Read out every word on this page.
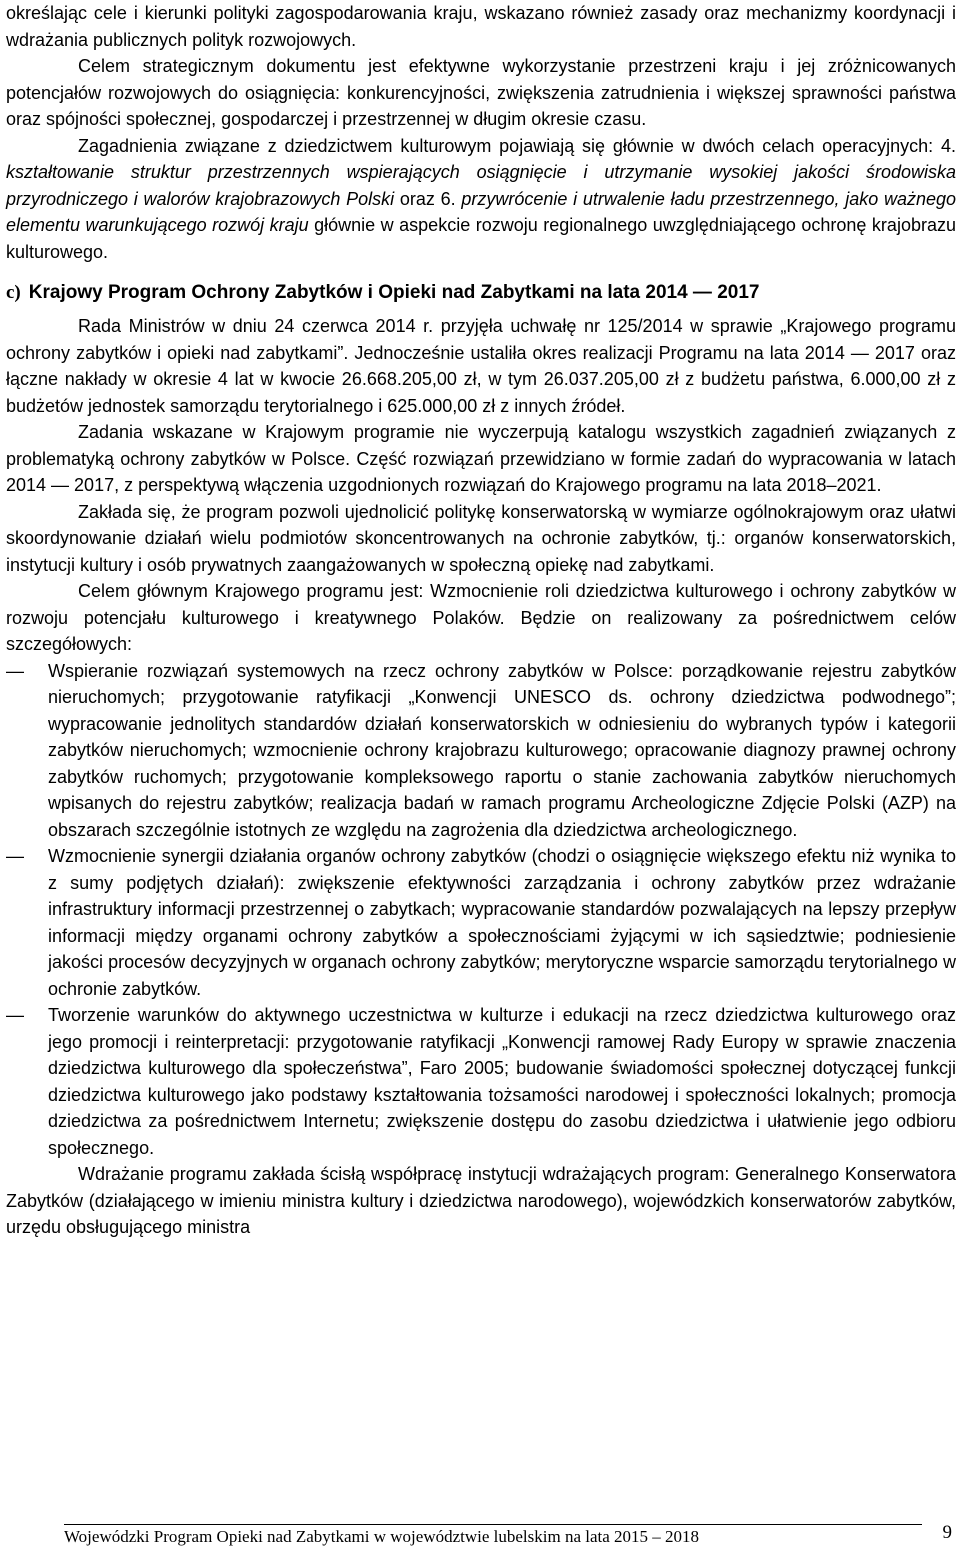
określając cele i kierunki polityki zagospodarowania kraju, wskazano również zasady oraz mechanizmy koordynacji i wdrażania publicznych polityk rozwojowych.

Celem strategicznym dokumentu jest efektywne wykorzystanie przestrzeni kraju i jej zróżnicowanych potencjałów rozwojowych do osiągnięcia: konkurencyjności, zwiększenia zatrudnienia i większej sprawności państwa oraz spójności społecznej, gospodarczej i przestrzennej w długim okresie czasu.

Zagadnienia związane z dziedzictwem kulturowym pojawiają się głównie w dwóch celach operacyjnych: 4. kształtowanie struktur przestrzennych wspierających osiągnięcie i utrzymanie wysokiej jakości środowiska przyrodniczego i walorów krajobrazowych Polski oraz 6. przywrócenie i utrwalenie ładu przestrzennego, jako ważnego elementu warunkującego rozwój kraju głównie w aspekcie rozwoju regionalnego uwzględniającego ochronę krajobrazu kulturowego.

c) Krajowy Program Ochrony Zabytków i Opieki nad Zabytkami na lata 2014 — 2017

Rada Ministrów w dniu 24 czerwca 2014 r. przyjęła uchwałę nr 125/2014 w sprawie „Krajowego programu ochrony zabytków i opieki nad zabytkami”. Jednocześnie ustaliła okres realizacji Programu na lata 2014 — 2017 oraz łączne nakłady w okresie 4 lat w kwocie 26.668.205,00 zł, w tym 26.037.205,00 zł z budżetu państwa, 6.000,00 zł z budżetów jednostek samorządu terytorialnego i 625.000,00 zł z innych źródeł.

Zadania wskazane w Krajowym programie nie wyczerpują katalogu wszystkich zagadnień związanych z problematyką ochrony zabytków w Polsce. Część rozwiązań przewidziano w formie zadań do wypracowania w latach 2014 — 2017, z perspektywą włączenia uzgodnionych rozwiązań do Krajowego programu na lata 2018–2021.

Zakłada się, że program pozwoli ujednolicić politykę konserwatorską w wymiarze ogólnokrajowym oraz ułatwi skoordynowanie działań wielu podmiotów skoncentrowanych na ochronie zabytków, tj.: organów konserwatorskich, instytucji kultury i osób prywatnych zaangażowanych w społeczną opiekę nad zabytkami.

Celem głównym Krajowego programu jest: Wzmocnienie roli dziedzictwa kulturowego i ochrony zabytków w rozwoju potencjału kulturowego i kreatywnego Polaków. Będzie on realizowany za pośrednictwem celów szczegółowych:

— Wspieranie rozwiązań systemowych na rzecz ochrony zabytków w Polsce: porządkowanie rejestru zabytków nieruchomych; przygotowanie ratyfikacji „Konwencji UNESCO ds. ochrony dziedzictwa podwodnego”; wypracowanie jednolitych standardów działań konserwatorskich w odniesieniu do wybranych typów i kategorii zabytków nieruchomych; wzmocnienie ochrony krajobrazu kulturowego; opracowanie diagnozy prawnej ochrony zabytków ruchomych; przygotowanie kompleksowego raportu o stanie zachowania zabytków nieruchomych wpisanych do rejestru zabytków; realizacja badań w ramach programu Archeologiczne Zdjęcie Polski (AZP) na obszarach szczególnie istotnych ze względu na zagrożenia dla dziedzictwa archeologicznego.
— Wzmocnienie synergii działania organów ochrony zabytków (chodzi o osiągnięcie większego efektu niż wynika to z sumy podjętych działań): zwiększenie efektywności zarządzania i ochrony zabytków przez wdrażanie infrastruktury informacji przestrzennej o zabytkach; wypracowanie standardów pozwalających na lepszy przepływ informacji między organami ochrony zabytków a społecznościami żyjącymi w ich sąsiedztwie; podniesienie jakości procesów decyzyjnych w organach ochrony zabytków; merytoryczne wsparcie samorządu terytorialnego w ochronie zabytków.
— Tworzenie warunków do aktywnego uczestnictwa w kulturze i edukacji na rzecz dziedzictwa kulturowego oraz jego promocji i reinterpretacji: przygotowanie ratyfikacji „Konwencji ramowej Rady Europy w sprawie znaczenia dziedzictwa kulturowego dla społeczeństwa”, Faro 2005; budowanie świadomości społecznej dotyczącej funkcji dziedzictwa kulturowego jako podstawy kształtowania tożsamości narodowej i społeczności lokalnych; promocja dziedzictwa za pośrednictwem Internetu; zwiększenie dostępu do zasobu dziedzictwa i ułatwienie jego odbioru społecznego.

Wdrażanie programu zakłada ścisłą współpracę instytucji wdrażających program: Generalnego Konserwatora Zabytków (działającego w imieniu ministra kultury i dziedzictwa narodowego), wojewódzkich konserwatorów zabytków, urzędu obsługującego ministra

Wojewódzki Program Opieki nad Zabytkami w województwie lubelskim na lata 2015 – 2018	9
